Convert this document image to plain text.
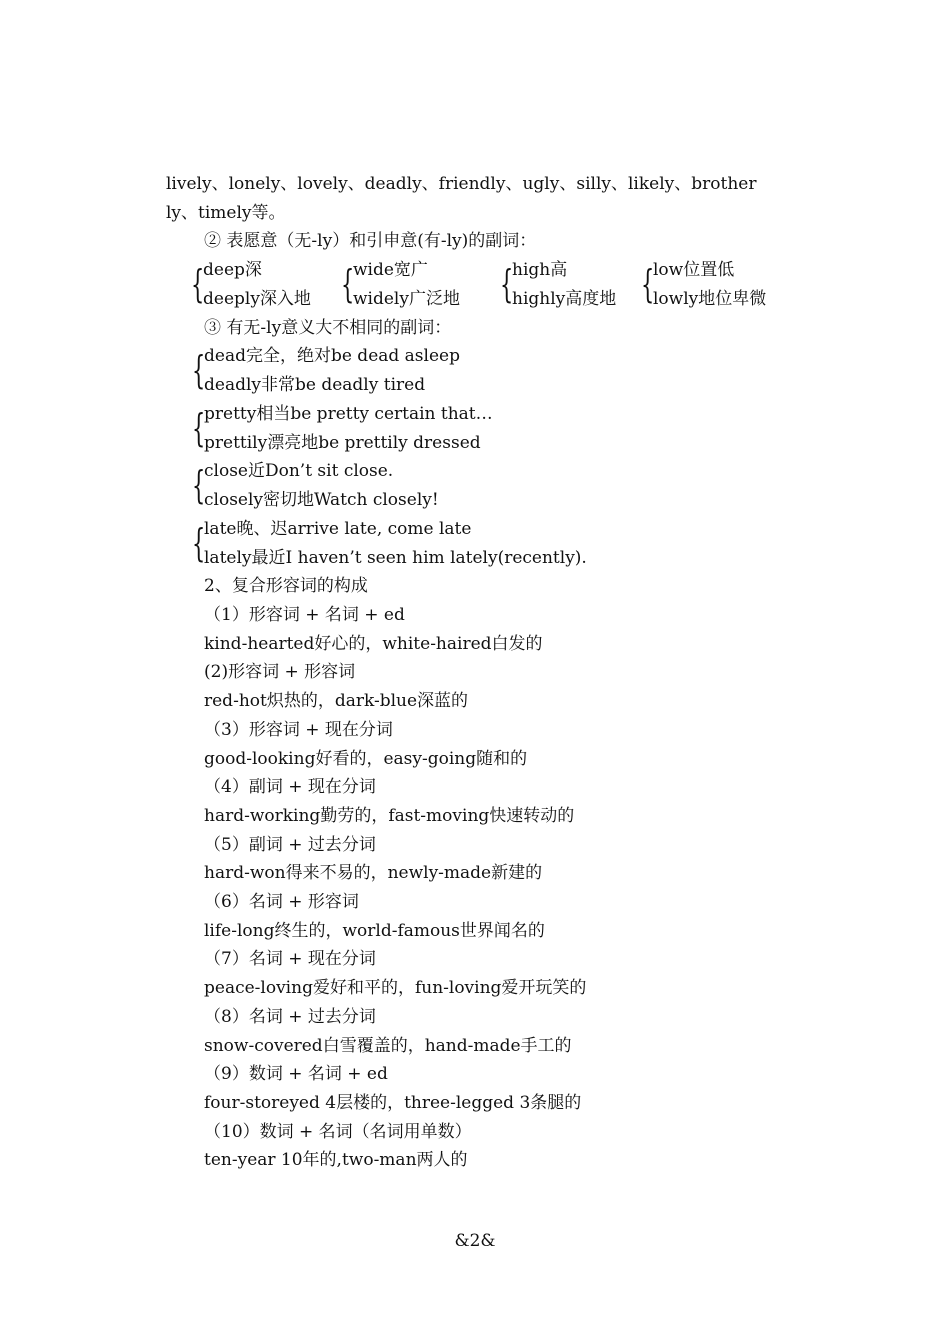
lively、lonely、lovely、deadly、friendly、ugly、silly、likely、brother
ly、timely等。
② 表愿意（无-ly）和引申意(有-ly)的副词：
{
deep深
deeply深入地 {
wide宽广
widely广泛地 {
high高
highly高度地 {
low位置低
lowly地位卑微
③ 有无-ly意义大不相同的副词：
{
dead完全，绝对be dead asleep
deadly非常be deadly tired
{
pretty相当be pretty certain that…
prettily漂亮地be prettily dressed
{
close近Don’t sit close.
closely密切地Watch closely!
{
late晚、迟arrive late, come late
lately最近I haven’t seen him lately(recently).
2、复合形容词的构成
（1）形容词 + 名词 + ed
kind-hearted好心的，white-haired白发的
(2)形容词 + 形容词
red-hot炽热的，dark-blue深蓝的
（3）形容词 + 现在分词
good-looking好看的，easy-going随和的
（4）副词 + 现在分词
hard-working勤劳的，fast-moving快速转动的
（5）副词 + 过去分词
hard-won得来不易的，newly-made新建的
（6）名词 + 形容词
life-long终生的，world-famous世界闻名的
（7）名词 + 现在分词
peace-loving爱好和平的，fun-loving爱开玩笑的
（8）名词 + 过去分词
snow-covered白雪覆盖的，hand-made手工的
（9）数词 + 名词 + ed
four-storeyed 4层楼的，three-legged 3条腿的
（10）数词 + 名词（名词用单数）
ten-year 10年的,two-man两人的
&2&
